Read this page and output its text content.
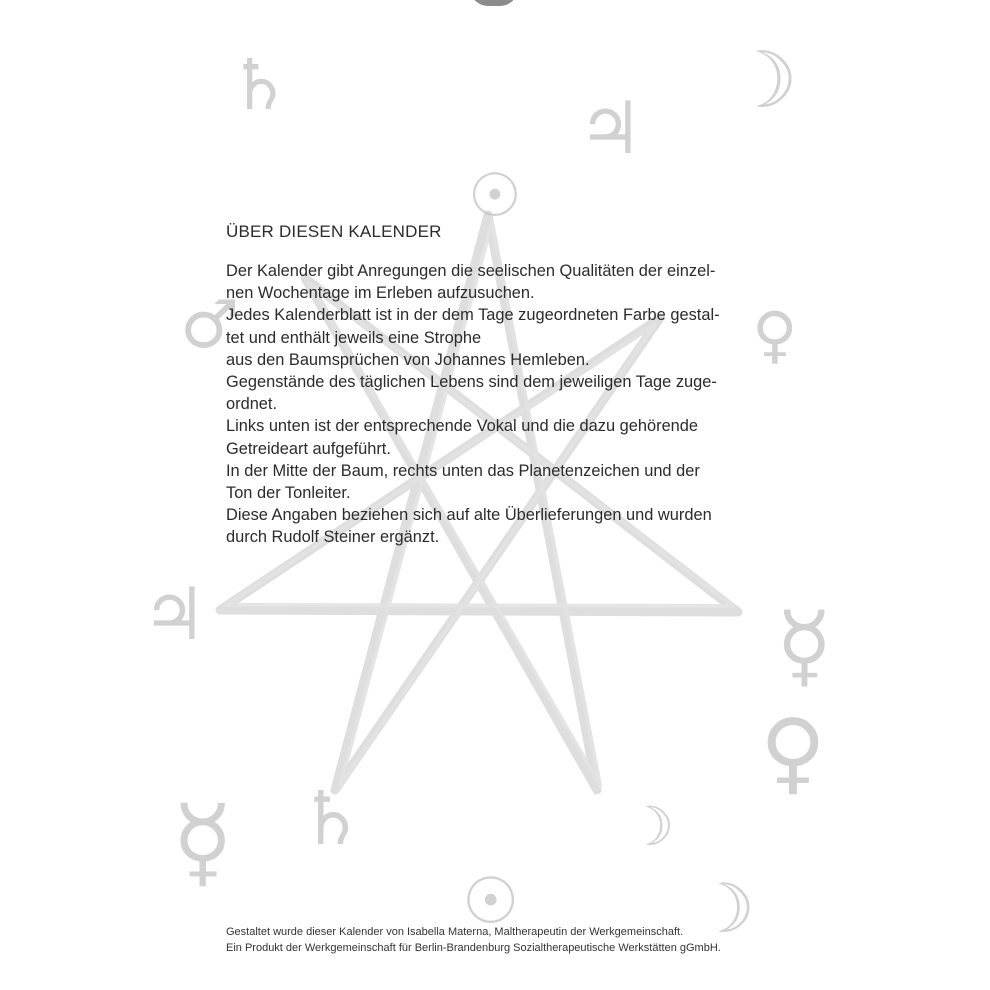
♄	☽
♃
☉
♂	♀
♃	☿
♀
☿ ♄	☽
☉	☽
ÜBER DIESEN KALENDER
Der Kalender gibt Anregungen die seelischen Qualitäten der einzel-
nen Wochentage im Erleben aufzusuchen.
Jedes Kalenderblatt ist in der dem Tage zugeordneten Farbe gestal-
tet und enthält jeweils eine Strophe
aus den Baumsprüchen von Johannes Hemleben.
Gegenstände des täglichen Lebens sind dem jeweiligen Tage zuge-
ordnet.
Links unten ist der entsprechende Vokal und die dazu gehörende
Getreideart aufgeführt.
In der Mitte der Baum, rechts unten das Planetenzeichen und der
Ton der Tonleiter.
Diese Angaben beziehen sich auf alte Überlieferungen und wurden
durch Rudolf Steiner ergänzt.
Gestaltet wurde dieser Kalender von Isabella Materna, Maltherapeutin der Werkgemeinschaft.
Ein Produkt der Werkgemeinschaft für Berlin-Brandenburg Sozialtherapeutische Werkstätten gGmbH.
